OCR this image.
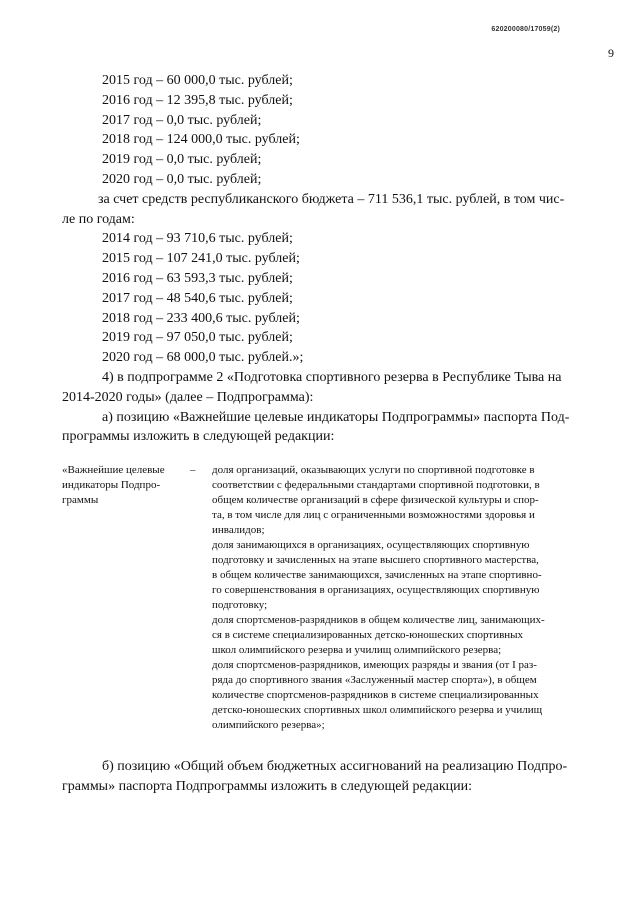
620200080/17059(2)
9
2015 год – 60 000,0 тыс. рублей;
2016 год – 12 395,8 тыс. рублей;
2017 год – 0,0 тыс. рублей;
2018 год – 124 000,0 тыс. рублей;
2019 год – 0,0 тыс. рублей;
2020 год – 0,0 тыс. рублей;
за счет средств республиканского бюджета – 711 536,1 тыс. рублей, в том чис-
ле по годам:
2014 год – 93 710,6 тыс. рублей;
2015 год – 107 241,0 тыс. рублей;
2016 год – 63 593,3 тыс. рублей;
2017 год – 48 540,6 тыс. рублей;
2018 год – 233 400,6 тыс. рублей;
2019 год – 97 050,0 тыс. рублей;
2020 год – 68 000,0 тыс. рублей.»;
4) в подпрограмме 2 «Подготовка спортивного резерва в Республике Тыва на
2014-2020 годы» (далее – Подпрограмма):
а) позицию «Важнейшие целевые индикаторы Подпрограммы» паспорта Под-
программы изложить в следующей редакции:
«Важнейшие целевые
индикаторы Подпро-
граммы
– доля организаций, оказывающих услуги по спортивной подготовке в
соответствии с федеральными стандартами спортивной подготовки, в
общем количестве организаций в сфере физической культуры и спор-
та, в том числе для лиц с ограниченными возможностями здоровья и
инвалидов;
доля занимающихся в организациях, осуществляющих спортивную
подготовку и зачисленных на этапе высшего спортивного мастерства,
в общем количестве занимающихся, зачисленных на этапе спортивно-
го совершенствования в организациях, осуществляющих спортивную
подготовку;
доля спортсменов-разрядников в общем количестве лиц, занимающих-
ся в системе специализированных детско-юношеских спортивных
школ олимпийского резерва и училищ олимпийского резерва;
доля спортсменов-разрядников, имеющих разряды и звания (от I раз-
ряда до спортивного звания «Заслуженный мастер спорта»), в общем
количестве спортсменов-разрядников в системе специализированных
детско-юношеских спортивных школ олимпийского резерва и училищ
олимпийского резерва»;
б) позицию «Общий объем бюджетных ассигнований на реализацию Подпро-
граммы» паспорта Подпрограммы изложить в следующей редакции:
